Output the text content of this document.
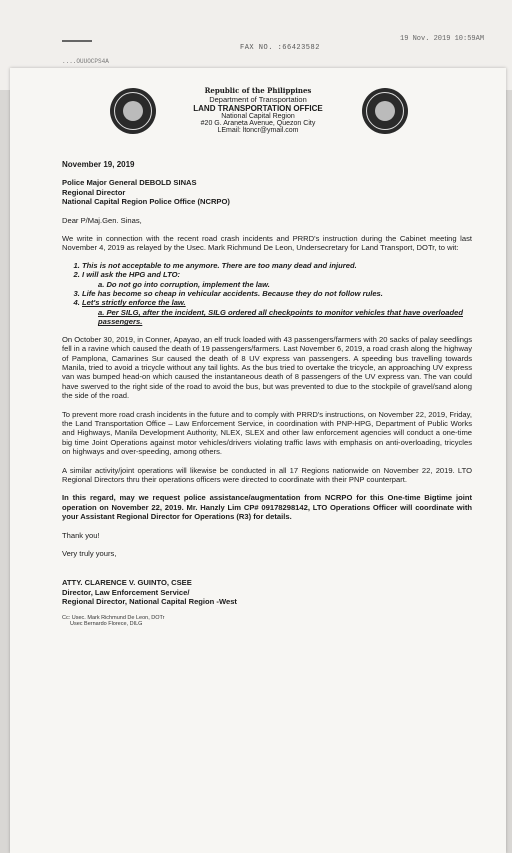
FAX NO. :66423582
19 Nov. 2019 10:59AM
....OUUOCPS4A
Republic of the Philippines
Department of Transportation
LAND TRANSPORTATION OFFICE
National Capital Region
#20 G. Araneta Avenue, Quezon City
LEmail: ltoncr@ymail.com

November 19, 2019

Police Major General DEBOLD SINAS

Regional Director

National Capital Region Police Office (NCRPO)

Dear P/Maj.Gen. Sinas,

We write in connection with the recent road crash incidents and PRRD's instruction during the Cabinet meeting last November 4, 2019 as relayed by the Usec. Mark Richmund De Leon, Undersecretary for Land Transport, DOTr, to wit:

1. This is not acceptable to me anymore. There are too many dead and injured.
2. I will ask the HPG and LTO:

a. Do not go into corruption, implement the law.

3. Life has become so cheap in vehicular accidents. Because they do not follow rules.
4. Let's strictly enforce the law.

a. Per SILG, after the incident, SILG ordered all checkpoints to monitor vehicles that have overloaded passengers.

On October 30, 2019, in Conner, Apayao, an elf truck loaded with 43 passengers/farmers with 20 sacks of palay seedlings fell in a ravine which caused the death of 19 passengers/farmers. Last November 6, 2019, a road crash along the highway of Pamplona, Camarines Sur caused the death of 8 UV express van passengers. A speeding bus travelling towards Manila, tried to avoid a tricycle without any tail lights. As the bus tried to overtake the tricycle, an approaching UV express van was bumped head-on which caused the instantaneous death of 8 passengers of the UV express van. The van could have swerved to the right side of the road to avoid the bus, but was prevented to due to the stockpile of gravel/sand along the side of the road.

To prevent more road crash incidents in the future and to comply with PRRD's instructions, on November 22, 2019, Friday, the Land Transportation Office – Law Enforcement Service, in coordination with PNP-HPG, Department of Public Works and Highways, Manila Development Authority, NLEX, SLEX and other law enforcement agencies will conduct a one-time big time Joint Operations against motor vehicles/drivers violating traffic laws with emphasis on anti-overloading, tricycles on highways and over-speeding, among others.

A similar activity/joint operations will likewise be conducted in all 17 Regions nationwide on November 22, 2019. LTO Regional Directors thru their operations officers were directed to coordinate with their PNP counterpart.

In this regard, may we request police assistance/augmentation from NCRPO for this One-time Bigtime joint operation on November 22, 2019. Mr. Hanzly Lim CP# 09178298142, LTO Operations Officer will coordinate with your Assistant Regional Director for Operations (R3) for details.

Thank you!

Very truly yours,

ATTY. CLARENCE V. GUINTO, CSEE

Director, Law Enforcement Service/

Regional Director, National Capital Region -West

Cc: Usec. Mark Richmund De Leon, DOTr

Usec Bernardo Florece, DILG
